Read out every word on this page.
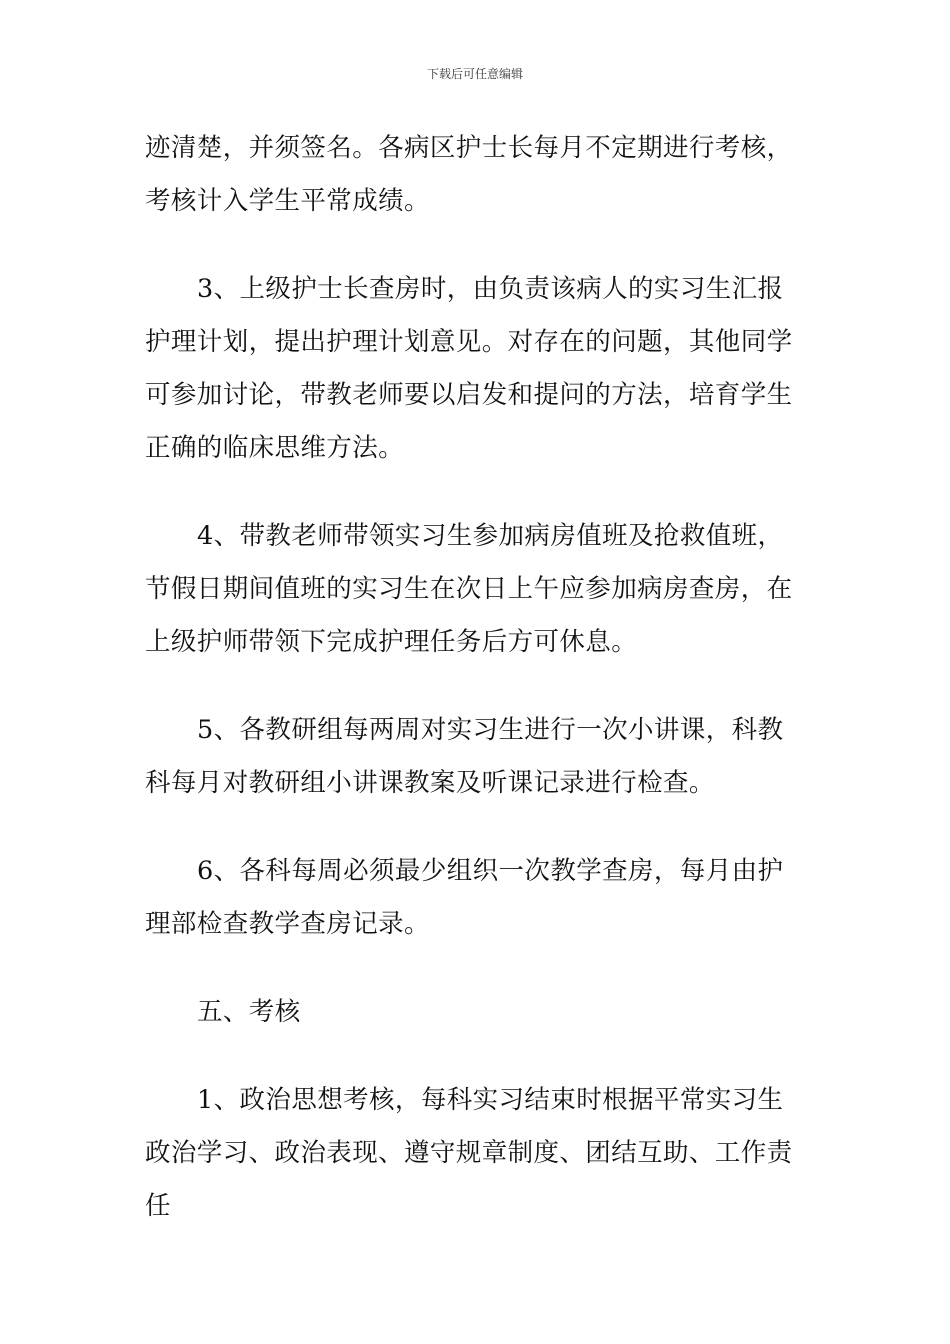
下载后可任意编辑

迹清楚，并须签名。各病区护士长每月不定期进行考核，考核计入学生平常成绩。

3、上级护士长查房时，由负责该病人的实习生汇报护理计划，提出护理计划意见。对存在的问题，其他同学可参加讨论，带教老师要以启发和提问的方法，培育学生正确的临床思维方法。

4、带教老师带领实习生参加病房值班及抢救值班，节假日期间值班的实习生在次日上午应参加病房查房，在上级护师带领下完成护理任务后方可休息。

5、各教研组每两周对实习生进行一次小讲课，科教科每月对教研组小讲课教案及听课记录进行检查。

6、各科每周必须最少组织一次教学查房，每月由护理部检查教学查房记录。

五、考核

1、政治思想考核，每科实习结束时根据平常实习生政治学习、政治表现、遵守规章制度、团结互助、工作责任
